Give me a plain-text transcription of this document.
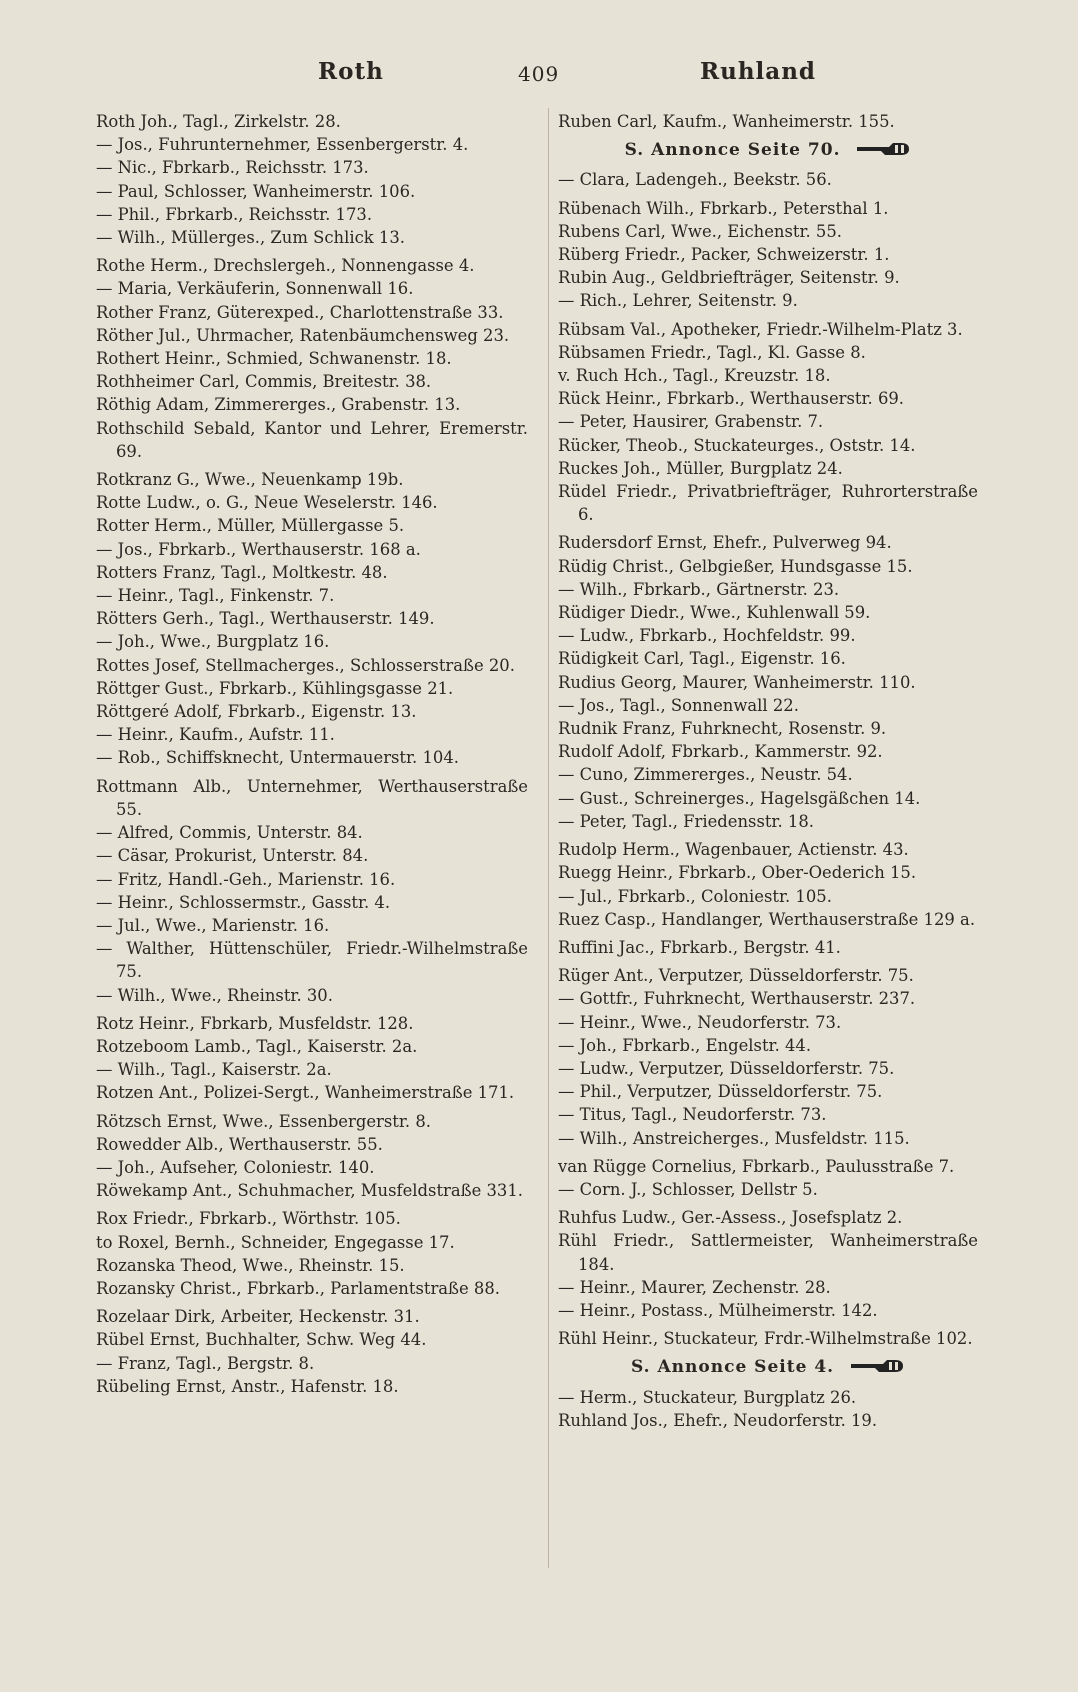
Roth	409	Ruhland
Roth Joh., Tagl., Zirkelstr. 28.
— Jos., Fuhrunternehmer, Essenbergerstr. 4.
— Nic., Fbrkarb., Reichsstr. 173.
— Paul, Schlosser, Wanheimerstr. 106.
— Phil., Fbrkarb., Reichsstr. 173.
— Wilh., Müllerges., Zum Schlick 13.
Rothe Herm., Drechslergeh., Nonnengasse 4.
— Maria, Verkäuferin, Sonnenwall 16.
Rother Franz, Güterexped., Charlottenstraße 33.
Röther Jul., Uhrmacher, Ratenbäumchensweg 23.
Rothert Heinr., Schmied, Schwanenstr. 18.
Rothheimer Carl, Commis, Breitestr. 38.
Röthig Adam, Zimmererges., Grabenstr. 13.
Rothschild Sebald, Kantor und Lehrer, Eremerstr. 69.
Rotkranz G., Wwe., Neuenkamp 19b.
Rotte Ludw., o. G., Neue Weselerstr. 146.
Rotter Herm., Müller, Müllergasse 5.
— Jos., Fbrkarb., Werthauserstr. 168 a.
Rotters Franz, Tagl., Moltkestr. 48.
— Heinr., Tagl., Finkenstr. 7.
Rötters Gerh., Tagl., Werthauserstr. 149.
— Joh., Wwe., Burgplatz 16.
Rottes Josef, Stellmacherges., Schlosserstraße 20.
Röttger Gust., Fbrkarb., Kühlingsgasse 21.
Röttgeré Adolf, Fbrkarb., Eigenstr. 13.
— Heinr., Kaufm., Aufstr. 11.
— Rob., Schiffsknecht, Untermauerstr. 104.
Rottmann Alb., Unternehmer, Werthauserstraße 55.
— Alfred, Commis, Unterstr. 84.
— Cäsar, Prokurist, Unterstr. 84.
— Fritz, Handl.-Geh., Marienstr. 16.
— Heinr., Schlossermstr., Gasstr. 4.
— Jul., Wwe., Marienstr. 16.
— Walther, Hüttenschüler, Friedr.-Wilhelmstraße 75.
— Wilh., Wwe., Rheinstr. 30.
Rotz Heinr., Fbrkarb, Musfeldstr. 128.
Rotzeboom Lamb., Tagl., Kaiserstr. 2a.
— Wilh., Tagl., Kaiserstr. 2a.
Rotzen Ant., Polizei-Sergt., Wanheimerstraße 171.
Rötzsch Ernst, Wwe., Essenbergerstr. 8.
Rowedder Alb., Werthauserstr. 55.
— Joh., Aufseher, Coloniestr. 140.
Röwekamp Ant., Schuhmacher, Musfeldstraße 331.
Rox Friedr., Fbrkarb., Wörthstr. 105.
to Roxel, Bernh., Schneider, Engegasse 17.
Rozanska Theod, Wwe., Rheinstr. 15.
Rozansky Christ., Fbrkarb., Parlamentstraße 88.
Rozelaar Dirk, Arbeiter, Heckenstr. 31.
Rübel Ernst, Buchhalter, Schw. Weg 44.
— Franz, Tagl., Bergstr. 8.
Rübeling Ernst, Anstr., Hafenstr. 18.
Ruben Carl, Kaufm., Wanheimerstr. 155.
S. Annonce Seite 70.
— Clara, Ladengeh., Beekstr. 56.
Rübenach Wilh., Fbrkarb., Petersthal 1.
Rubens Carl, Wwe., Eichenstr. 55.
Rüberg Friedr., Packer, Schweizerstr. 1.
Rubin Aug., Geldbriefträger, Seitenstr. 9.
— Rich., Lehrer, Seitenstr. 9.
Rübsam Val., Apotheker, Friedr.-Wilhelm-Platz 3.
Rübsamen Friedr., Tagl., Kl. Gasse 8.
v. Ruch Hch., Tagl., Kreuzstr. 18.
Rück Heinr., Fbrkarb., Werthauserstr. 69.
— Peter, Hausirer, Grabenstr. 7.
Rücker, Theob., Stuckateurges., Oststr. 14.
Ruckes Joh., Müller, Burgplatz 24.
Rüdel Friedr., Privatbriefträger, Ruhrorterstraße 6.
Rudersdorf Ernst, Ehefr., Pulverweg 94.
Rüdig Christ., Gelbgießer, Hundsgasse 15.
— Wilh., Fbrkarb., Gärtnerstr. 23.
Rüdiger Diedr., Wwe., Kuhlenwall 59.
— Ludw., Fbrkarb., Hochfeldstr. 99.
Rüdigkeit Carl, Tagl., Eigenstr. 16.
Rudius Georg, Maurer, Wanheimerstr. 110.
— Jos., Tagl., Sonnenwall 22.
Rudnik Franz, Fuhrknecht, Rosenstr. 9.
Rudolf Adolf, Fbrkarb., Kammerstr. 92.
— Cuno, Zimmererges., Neustr. 54.
— Gust., Schreinerges., Hagelsgäßchen 14.
— Peter, Tagl., Friedensstr. 18.
Rudolp Herm., Wagenbauer, Actienstr. 43.
Ruegg Heinr., Fbrkarb., Ober-Oederich 15.
— Jul., Fbrkarb., Coloniestr. 105.
Ruez Casp., Handlanger, Werthauserstraße 129 a.
Ruffini Jac., Fbrkarb., Bergstr. 41.
Rüger Ant., Verputzer, Düsseldorferstr. 75.
— Gottfr., Fuhrknecht, Werthauserstr. 237.
— Heinr., Wwe., Neudorferstr. 73.
— Joh., Fbrkarb., Engelstr. 44.
— Ludw., Verputzer, Düsseldorferstr. 75.
— Phil., Verputzer, Düsseldorferstr. 75.
— Titus, Tagl., Neudorferstr. 73.
— Wilh., Anstreicherges., Musfeldstr. 115.
van Rügge Cornelius, Fbrkarb., Paulusstraße 7.
— Corn. J., Schlosser, Dellstr 5.
Ruhfus Ludw., Ger.-Assess., Josefsplatz 2.
Rühl Friedr., Sattlermeister, Wanheimerstraße 184.
— Heinr., Maurer, Zechenstr. 28.
— Heinr., Postass., Mülheimerstr. 142.
Rühl Heinr., Stuckateur, Frdr.-Wilhelmstraße 102.
S. Annonce Seite 4.
— Herm., Stuckateur, Burgplatz 26.
Ruhland Jos., Ehefr., Neudorferstr. 19.
